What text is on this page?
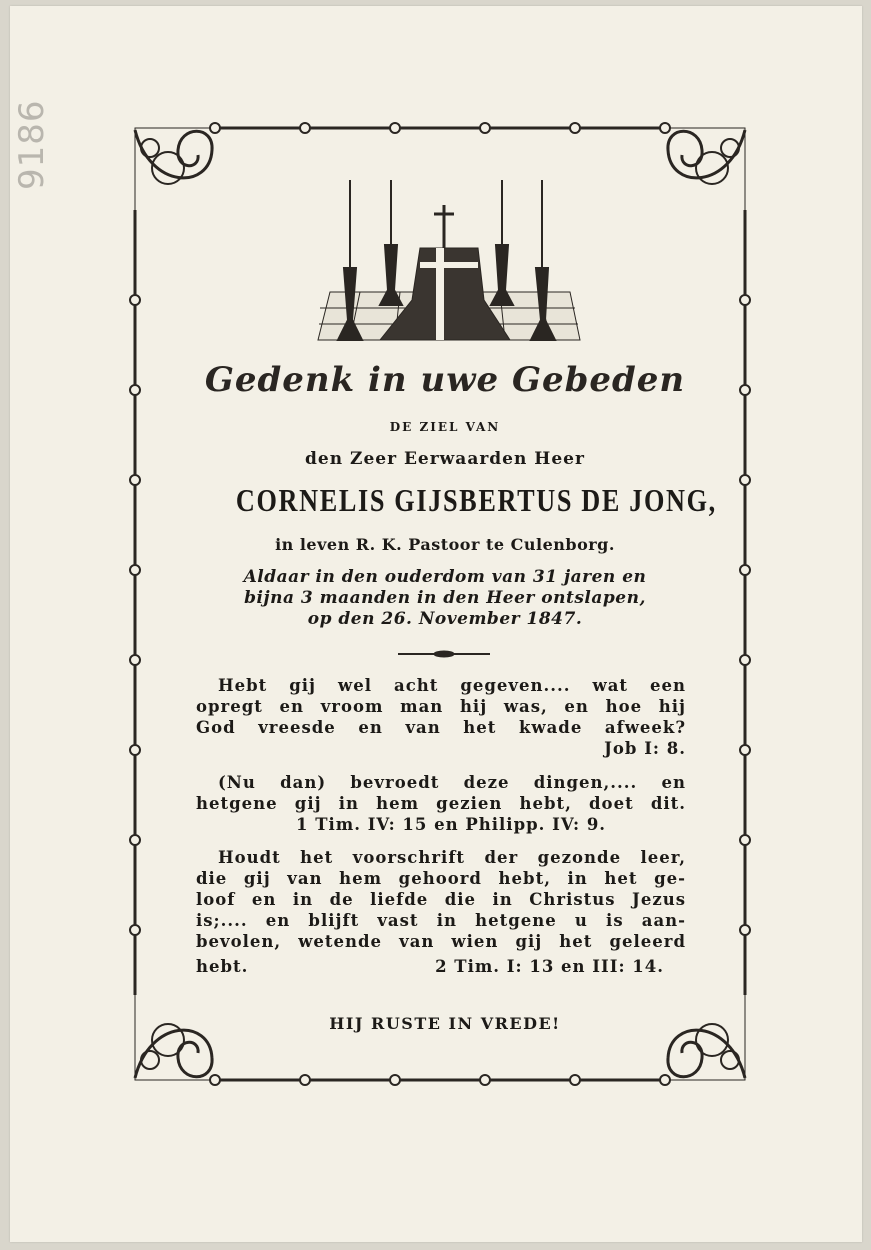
9186
Gedenk in uwe Gebeden
DE ZIEL VAN
den Zeer Eerwaarden Heer
CORNELIS GIJSBERTUS DE JONG,
in leven R. K. Pastoor te Culenborg.
Aldaar in den ouderdom van 31 jaren en
bijna 3 maanden in den Heer ontslapen,
op den 26. November 1847.
Hebt gij wel acht gegeven.... wat een
opregt en vroom man hij was, en hoe hij
God vreesde en van het kwade afweek?
Job I: 8.
(Nu dan) bevroedt deze dingen,.... en
hetgene gij in hem gezien hebt, doet dit.
1 Tim. IV: 15 en Philipp. IV: 9.
Houdt het voorschrift der gezonde leer,
die gij van hem gehoord hebt, in het ge-
loof en in de liefde die in Christus Jezus
is;.... en blijft vast in hetgene u is aan-
bevolen, wetende van wien gij het geleerd
hebt.	2 Tim. I: 13 en III: 14.
HIJ RUSTE IN VREDE!
